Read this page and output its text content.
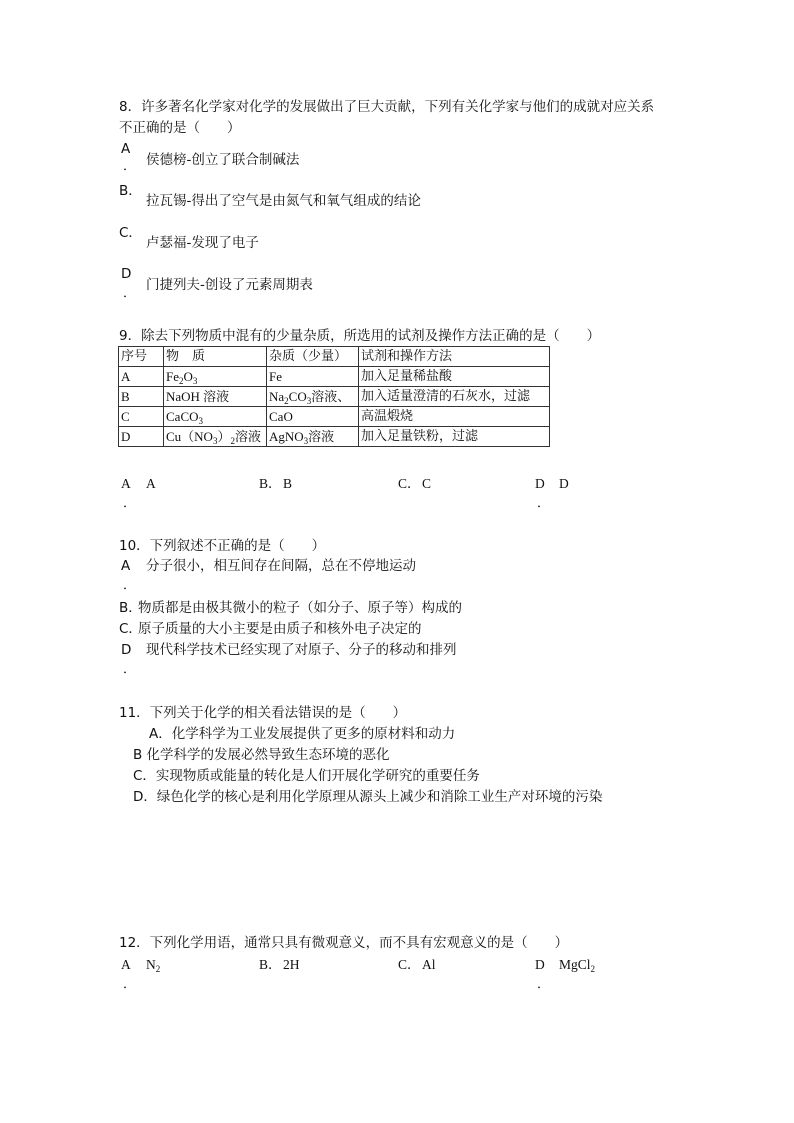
8．许多著名化学家对化学的发展做出了巨大贡献，下列有关化学家与他们的成就对应关系
不正确的是（　　）
A
． 侯德榜-创立了联合制碱法
B．
拉瓦锡-得出了空气是由氮气和氧气组成的结论
C．
卢瑟福-发现了电子
D
．
门捷列夫-创设了元素周期表
9．除去下列物质中混有的少量杂质，所选用的试剂及操作方法正确的是（　　）
序号	物　质	杂质（少量）	试剂和操作方法
A	$Fe_2O_3$	Fe	加入足量稀盐酸
B	NaOH 溶液	$Na_2CO_3$溶液、	加入适量澄清的石灰水，过滤
C	CaCO$_3$	CaO	高温煅烧
D	$Cu(NO_3)_2$溶液	AgNO$_3$溶液	加入足量铁粉，过滤
A
．
A	B． B	C． C	D
．
D
10．下列叙述不正确的是（　　）
A
．
分子很小，相互间存在间隔，总在不停地运动
B．
物质都是由极其微小的粒子（如分子、原子等）构成的
C．
原子质量的大小主要是由质子和核外电子决定的
D
．
现代科学技术已经实现了对原子、分子的移动和排列
11．下列关于化学的相关看法错误的是（　　）
A．化学科学为工业发展提供了更多的原材料和动力
B 化学科学的发展必然导致生态环境的恶化
C．实现物质或能量的转化是人们开展化学研究的重要任务
D．绿色化学的核心是利用化学原理从源头上减少和消除工业生产对环境的污染
12．下列化学用语，通常只具有微观意义，而不具有宏观意义的是（　　）
A
．
$N_2$	B． 2H	C． Al	D
．
MgCl$_2$
